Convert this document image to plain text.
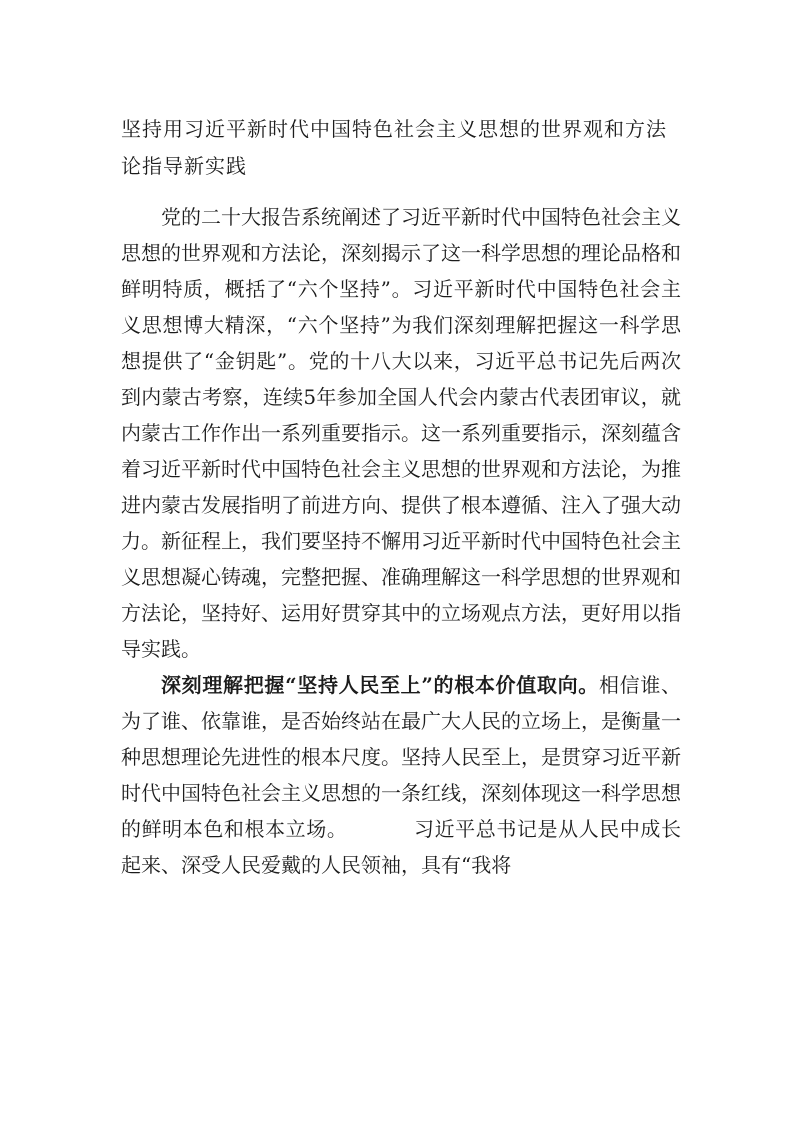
坚持用习近平新时代中国特色社会主义思想的世界观和方法论指导新实践

党的二十大报告系统阐述了习近平新时代中国特色社会主义思想的世界观和方法论，深刻揭示了这一科学思想的理论品格和鲜明特质，概括了“六个坚持”。习近平新时代中国特色社会主义思想博大精深，“六个坚持”为我们深刻理解把握这一科学思想提供了“金钥匙”。党的十八大以来，习近平总书记先后两次到内蒙古考察，连续5年参加全国人代会内蒙古代表团审议，就内蒙古工作作出一系列重要指示。这一系列重要指示，深刻蕴含着习近平新时代中国特色社会主义思想的世界观和方法论，为推进内蒙古发展指明了前进方向、提供了根本遵循、注入了强大动力。新征程上，我们要坚持不懈用习近平新时代中国特色社会主义思想凝心铸魂，完整把握、准确理解这一科学思想的世界观和方法论，坚持好、运用好贯穿其中的立场观点方法，更好用以指导实践。

深刻理解把握“坚持人民至上”的根本价值取向。相信谁、为了谁、依靠谁，是否始终站在最广大人民的立场上，是衡量一种思想理论先进性的根本尺度。坚持人民至上，是贯穿习近平新时代中国特色社会主义思想的一条红线，深刻体现这一科学思想的鲜明本色和根本立场。	习近平总书记是从人民中成长起来、深受人民爱戴的人民领袖，具有“我将
